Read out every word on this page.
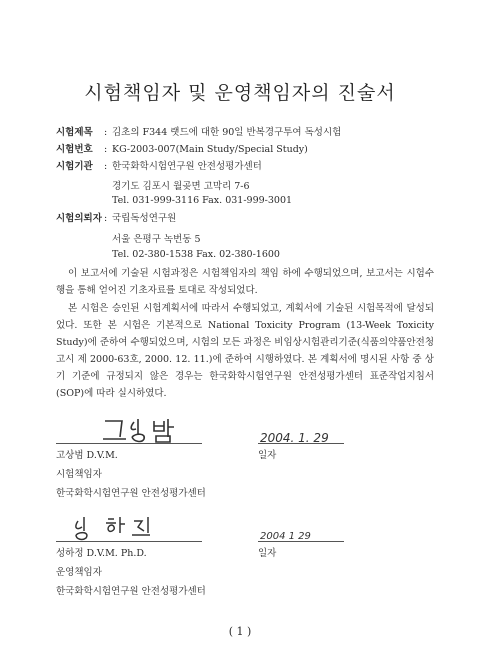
시험책임자 및 운영책임자의 진술서
시험제목 : 김초의 F344 랫드에 대한 90일 반복경구투여 독성시험
시험번호 : KG-2003-007(Main Study/Special Study)
시험기관 : 한국화학시험연구원 안전성평가센터
경기도 김포시 월곶면 고막리 7-6
Tel. 031-999-3116 Fax. 031-999-3001
시험의뢰자 : 국립독성연구원
서울 은평구 녹번동 5
Tel. 02-380-1538 Fax. 02-380-1600
이 보고서에 기술된 시험과정은 시험책임자의 책임 하에 수행되었으며, 보고서는 시험수행을 통해 얻어진 기초자료를 토대로 작성되었다.
본 시험은 승인된 시험계획서에 따라서 수행되었고, 계획서에 기술된 시험목적에 달성되었다. 또한 본 시험은 기본적으로 National Toxicity Program (13-Week Toxicity Study)에 준하여 수행되었으며, 시험의 모든 과정은 비임상시험관리기준(식품의약품안전청 고시 제 2000-63호, 2000. 12. 11.)에 준하여 시행하였다. 본 계획서에 명시된 사항 중 상기 기준에 규정되지 않은 경우는 한국화학시험연구원 안전성평가센터 표준작업지침서(SOP)에 따라 실시하였다.
2004. 1. 29
고상범 D.V.M.	일자
시험책임자
한국화학시험연구원 안전성평가센터
2004 1 29
성하정 D.V.M. Ph.D.	일자
운영책임자
한국화학시험연구원 안전성평가센터
( 1 )
